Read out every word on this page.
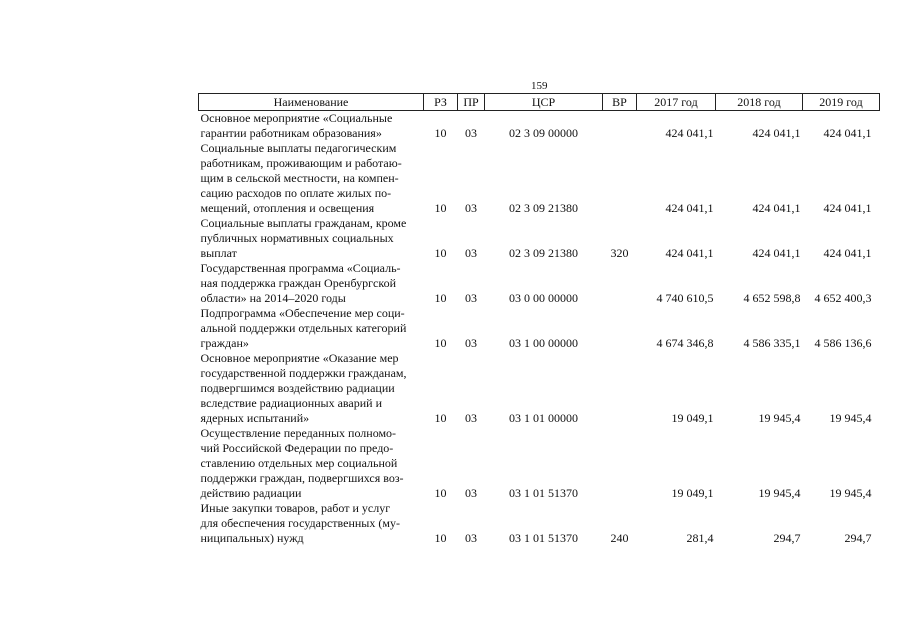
159
Наименование	РЗ	ПР	ЦСР	ВР	2017 год	2018 год	2019 год

Основное мероприятие «Социальные
гарантии работникам образования»	10	03	02 3 09 00000		424 041,1	424 041,1	424 041,1

Социальные выплаты педагогическим
работникам, проживающим и работаю-
щим в сельской местности, на компен-
сацию расходов по оплате жилых по-
мещений, отопления и освещения	10	03	02 3 09 21380		424 041,1	424 041,1	424 041,1

Социальные выплаты гражданам, кроме
публичных нормативных социальных
выплат	10	03	02 3 09 21380	320	424 041,1	424 041,1	424 041,1

Государственная программа «Социаль-
ная поддержка граждан Оренбургской
области» на 2014–2020 годы	10	03	03 0 00 00000		4 740 610,5	4 652 598,8	4 652 400,3

Подпрограмма «Обеспечение мер соци-
альной поддержки отдельных категорий
граждан»	10	03	03 1 00 00000		4 674 346,8	4 586 335,1	4 586 136,6

Основное мероприятие «Оказание мер
государственной поддержки гражданам,
подвергшимся воздействию радиации
вследствие радиационных аварий и
ядерных испытаний»	10	03	03 1 01 00000		19 049,1	19 945,4	19 945,4

Осуществление переданных полномо-
чий Российской Федерации по предо-
ставлению отдельных мер социальной
поддержки граждан, подвергшихся воз-
действию радиации	10	03	03 1 01 51370		19 049,1	19 945,4	19 945,4

Иные закупки товаров, работ и услуг
для обеспечения государственных (му-
ниципальных) нужд	10	03	03 1 01 51370	240	281,4	294,7	294,7
